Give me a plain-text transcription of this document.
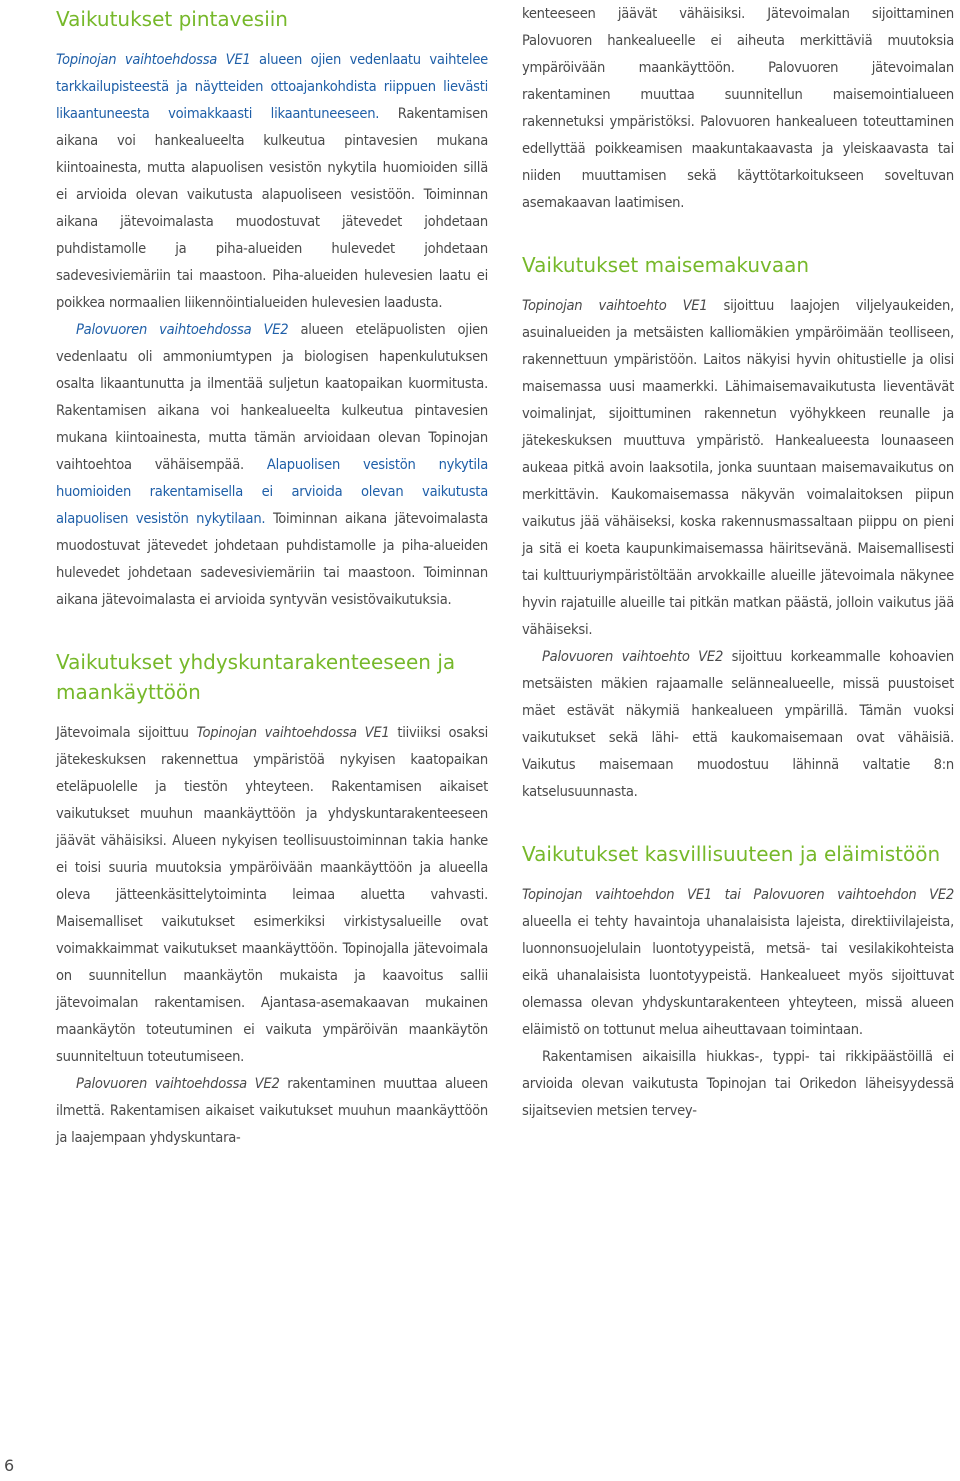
Vaikutukset pintavesiin

Topinojan vaihtoehdossa VE1 alueen ojien vedenlaatu vaihtelee tarkkailupisteestä ja näytteiden ottoajankohdista riippuen lievästi likaantuneesta voimakkaasti likaantuneeseen. Rakentamisen aikana voi hankealueelta kulkeutua pintavesien mukana kiintoainesta, mutta alapuolisen vesistön nykytila huomioiden sillä ei arvioida olevan vaikutusta alapuoliseen vesistöön. Toiminnan aikana jätevoimalasta muodostuvat jätevedet johdetaan puhdistamolle ja piha-alueiden hulevedet johdetaan sadevesiviemäriin tai maastoon. Piha-alueiden hulevesien laatu ei poikkea normaalien liikennöintialueiden hulevesien laadusta.

Palovuoren vaihtoehdossa VE2 alueen eteläpuolisten ojien vedenlaatu oli ammoniumtypen ja biologisen hapenkulutuksen osalta likaantunutta ja ilmentää suljetun kaatopaikan kuormitusta. Rakentamisen aikana voi hankealueelta kulkeutua pintavesien mukana kiintoainesta, mutta tämän arvioidaan olevan Topinojan vaihtoehtoa vähäisempää. Alapuolisen vesistön nykytila huomioiden rakentamisella ei arvioida olevan vaikutusta alapuolisen vesistön nykytilaan. Toiminnan aikana jätevoimalasta muodostuvat jätevedet johdetaan puhdistamolle ja piha-alueiden hulevedet johdetaan sadevesiviemäriin tai maastoon. Toiminnan aikana jätevoimalasta ei arvioida syntyvän vesistövaikutuksia.

Vaikutukset yhdyskuntarakenteeseen ja maankäyttöön

Jätevoimala sijoittuu Topinojan vaihtoehdossa VE1 tiiviiksi osaksi jätekeskuksen rakennettua ympäristöä nykyisen kaatopaikan eteläpuolelle ja tiestön yhteyteen. Rakentamisen aikaiset vaikutukset muuhun maankäyttöön ja yhdyskuntarakenteeseen jäävät vähäisiksi. Alueen nykyisen teollisuustoiminnan takia hanke ei toisi suuria muutoksia ympäröivään maankäyttöön ja alueella oleva jätteenkäsittelytoiminta leimaa aluetta vahvasti. Maisemalliset vaikutukset esimerkiksi virkistysalueille ovat voimakkaimmat vaikutukset maankäyttöön. Topinojalla jätevoimala on suunnitellun maankäytön mukaista ja kaavoitus sallii jätevoimalan rakentamisen. Ajantasa-asemakaavan mukainen maankäytön toteutuminen ei vaikuta ympäröivän maankäytön suunniteltuun toteutumiseen.

Palovuoren vaihtoehdossa VE2 rakentaminen muuttaa alueen ilmettä. Rakentamisen aikaiset vaikutukset muuhun maankäyttöön ja laajempaan yhdyskuntara-

kenteeseen jäävät vähäisiksi. Jätevoimalan sijoittaminen Palovuoren hankealueelle ei aiheuta merkittäviä muutoksia ympäröivään maankäyttöön. Palovuoren jätevoimalan rakentaminen muuttaa suunnitellun maisemointialueen rakennetuksi ympäristöksi. Palovuoren hankealueen toteuttaminen edellyttää poikkeamisen maakuntakaavasta ja yleiskaavasta tai niiden muuttamisen sekä käyttötarkoitukseen soveltuvan asemakaavan laatimisen.

Vaikutukset maisemakuvaan

Topinojan vaihtoehto VE1 sijoittuu laajojen viljelyaukeiden, asuinalueiden ja metsäisten kalliomäkien ympäröimään teolliseen, rakennettuun ympäristöön. Laitos näkyisi hyvin ohitustielle ja olisi maisemassa uusi maamerkki. Lähimaisemavaikutusta lieventävät voimalinjat, sijoittuminen rakennetun vyöhykkeen reunalle ja jätekeskuksen muuttuva ympäristö. Hankealueesta lounaaseen aukeaa pitkä avoin laaksotila, jonka suuntaan maisemavaikutus on merkittävin. Kaukomaisemassa näkyvän voimalaitoksen piipun vaikutus jää vähäiseksi, koska rakennusmassaltaan piippu on pieni ja sitä ei koeta kaupunkimaisemassa häiritsevänä. Maisemallisesti tai kulttuuriympäristöltään arvokkaille alueille jätevoimala näkynee hyvin rajatuille alueille tai pitkän matkan päästä, jolloin vaikutus jää vähäiseksi.

Palovuoren vaihtoehto VE2 sijoittuu korkeammalle kohoavien metsäisten mäkien rajaamalle selännealueelle, missä puustoiset mäet estävät näkymiä hankealueen ympärillä. Tämän vuoksi vaikutukset sekä lähi- että kaukomaisemaan ovat vähäisiä. Vaikutus maisemaan muodostuu lähinnä valtatie 8:n katselusuunnasta.

Vaikutukset kasvillisuuteen ja eläimistöön

Topinojan vaihtoehdon VE1 tai Palovuoren vaihtoehdon VE2 alueella ei tehty havaintoja uhanalaisista lajeista, direktiivilajeista, luonnonsuojelulain luontotyypeistä, metsä- tai vesilakikohteista eikä uhanalaisista luontotyypeistä. Hankealueet myös sijoittuvat olemassa olevan yhdyskuntarakenteen yhteyteen, missä alueen eläimistö on tottunut melua aiheuttavaan toimintaan.

Rakentamisen aikaisilla hiukkas-, typpi- tai rikkipäästöillä ei arvioida olevan vaikutusta Topinojan tai Orikedon läheisyydessä sijaitsevien metsien tervey-

6
